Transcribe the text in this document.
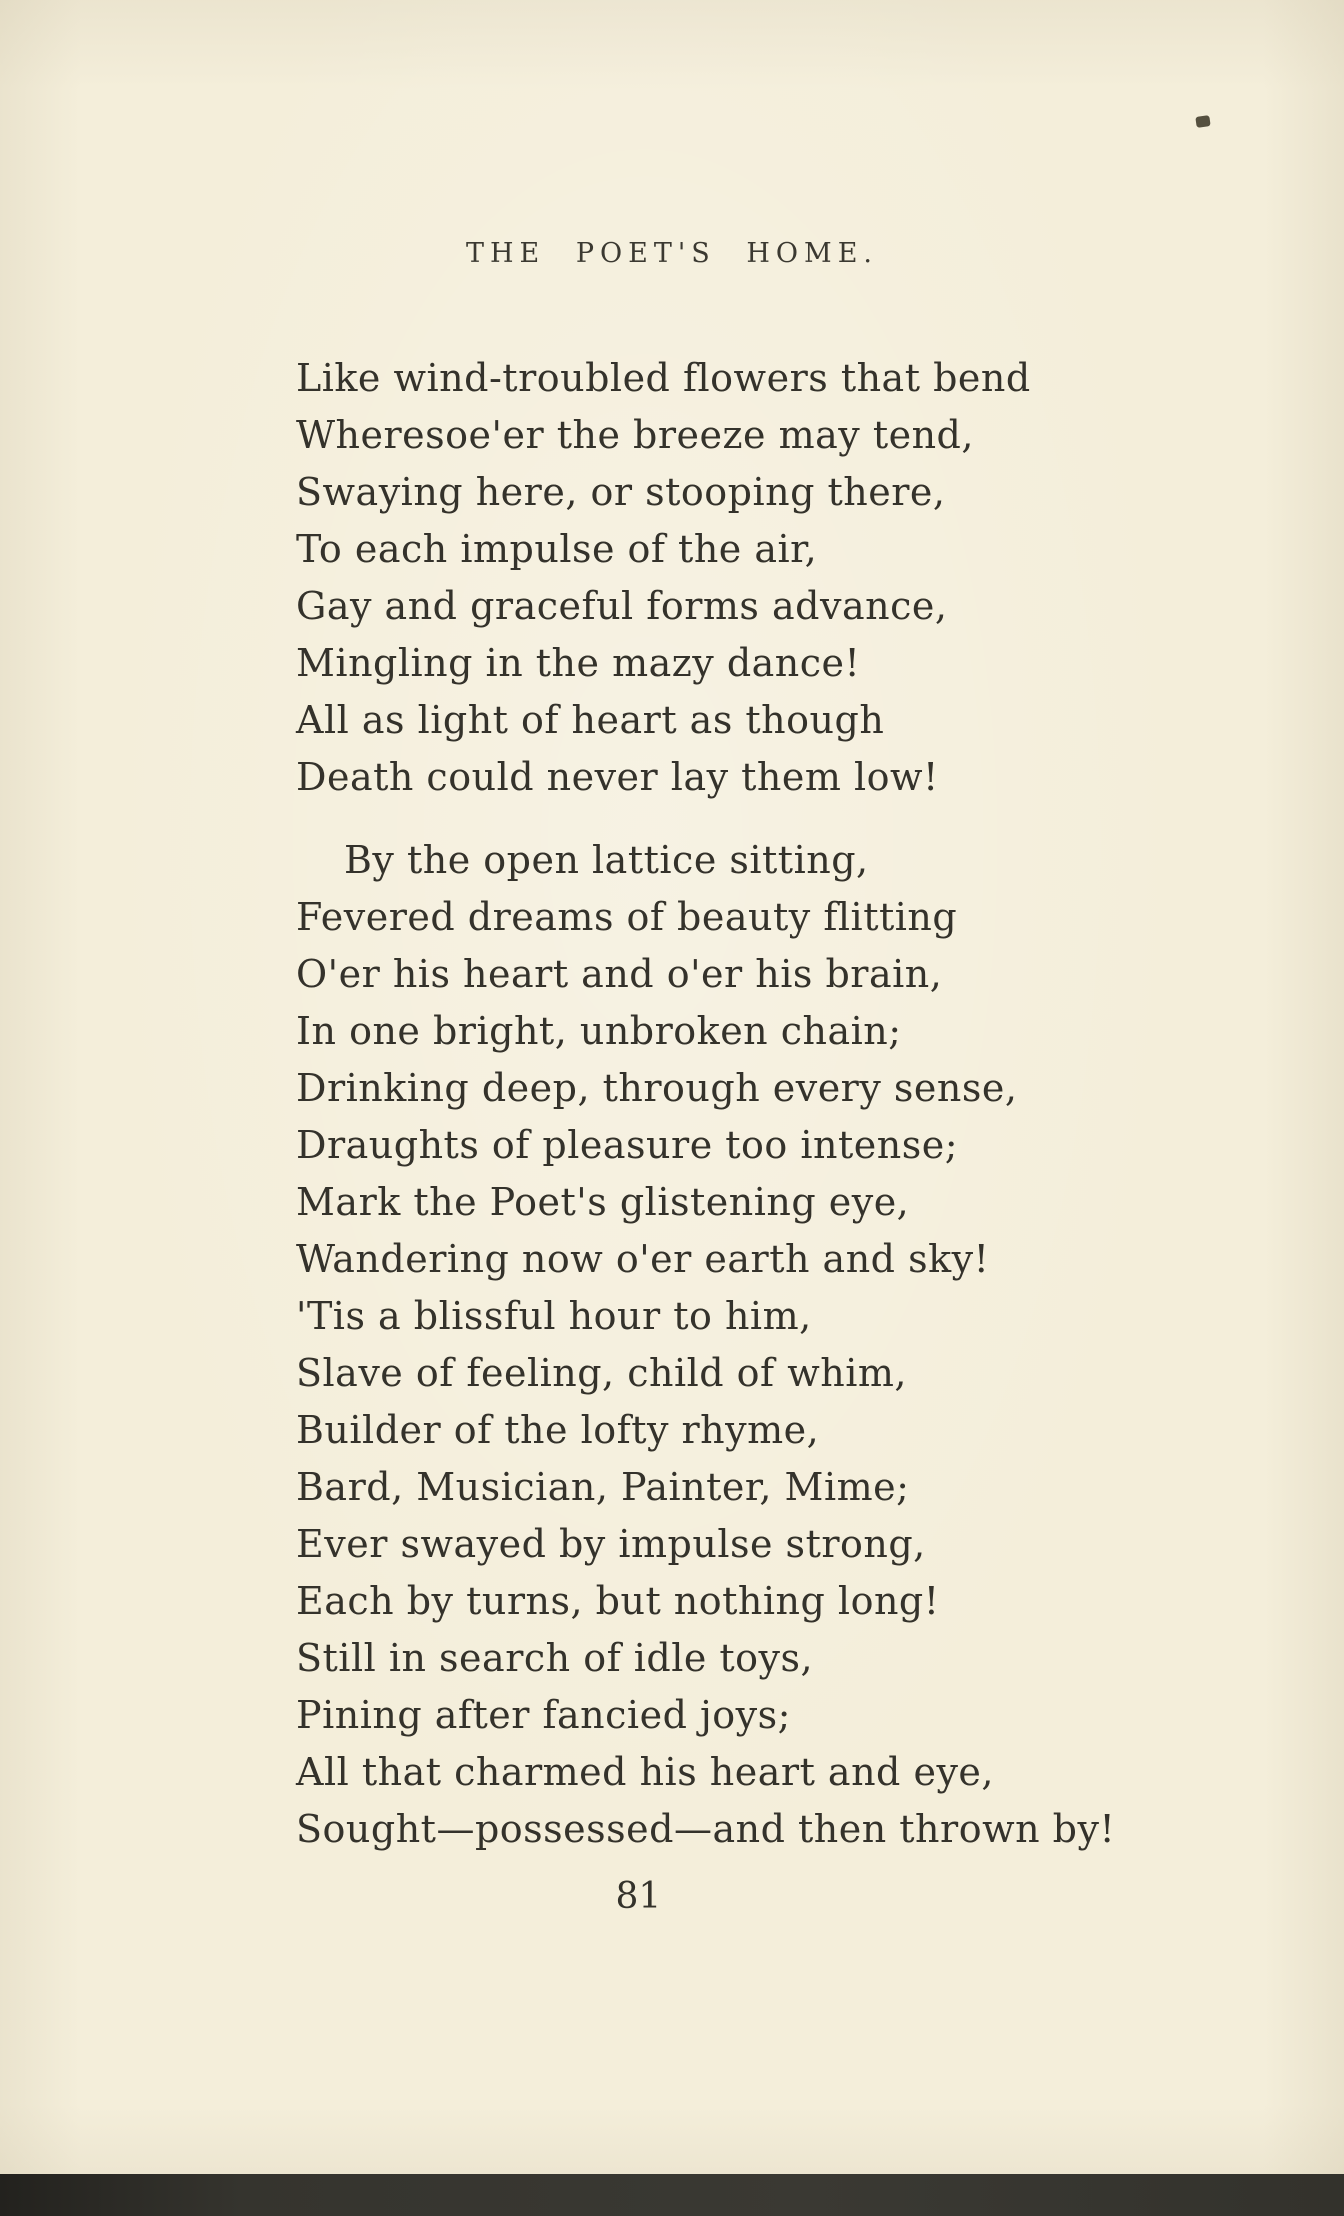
THE POET'S HOME.
Like wind-troubled flowers that bend
Wheresoe'er the breeze may tend,
Swaying here, or stooping there,
To each impulse of the air,
Gay and graceful forms advance,
Mingling in the mazy dance!
All as light of heart as though
Death could never lay them low!
By the open lattice sitting,
Fevered dreams of beauty flitting
O'er his heart and o'er his brain,
In one bright, unbroken chain;
Drinking deep, through every sense,
Draughts of pleasure too intense;
Mark the Poet's glistening eye,
Wandering now o'er earth and sky!
'Tis a blissful hour to him,
Slave of feeling, child of whim,
Builder of the lofty rhyme,
Bard, Musician, Painter, Mime;
Ever swayed by impulse strong,
Each by turns, but nothing long!
Still in search of idle toys,
Pining after fancied joys;
All that charmed his heart and eye,
Sought—possessed—and then thrown by!
81
